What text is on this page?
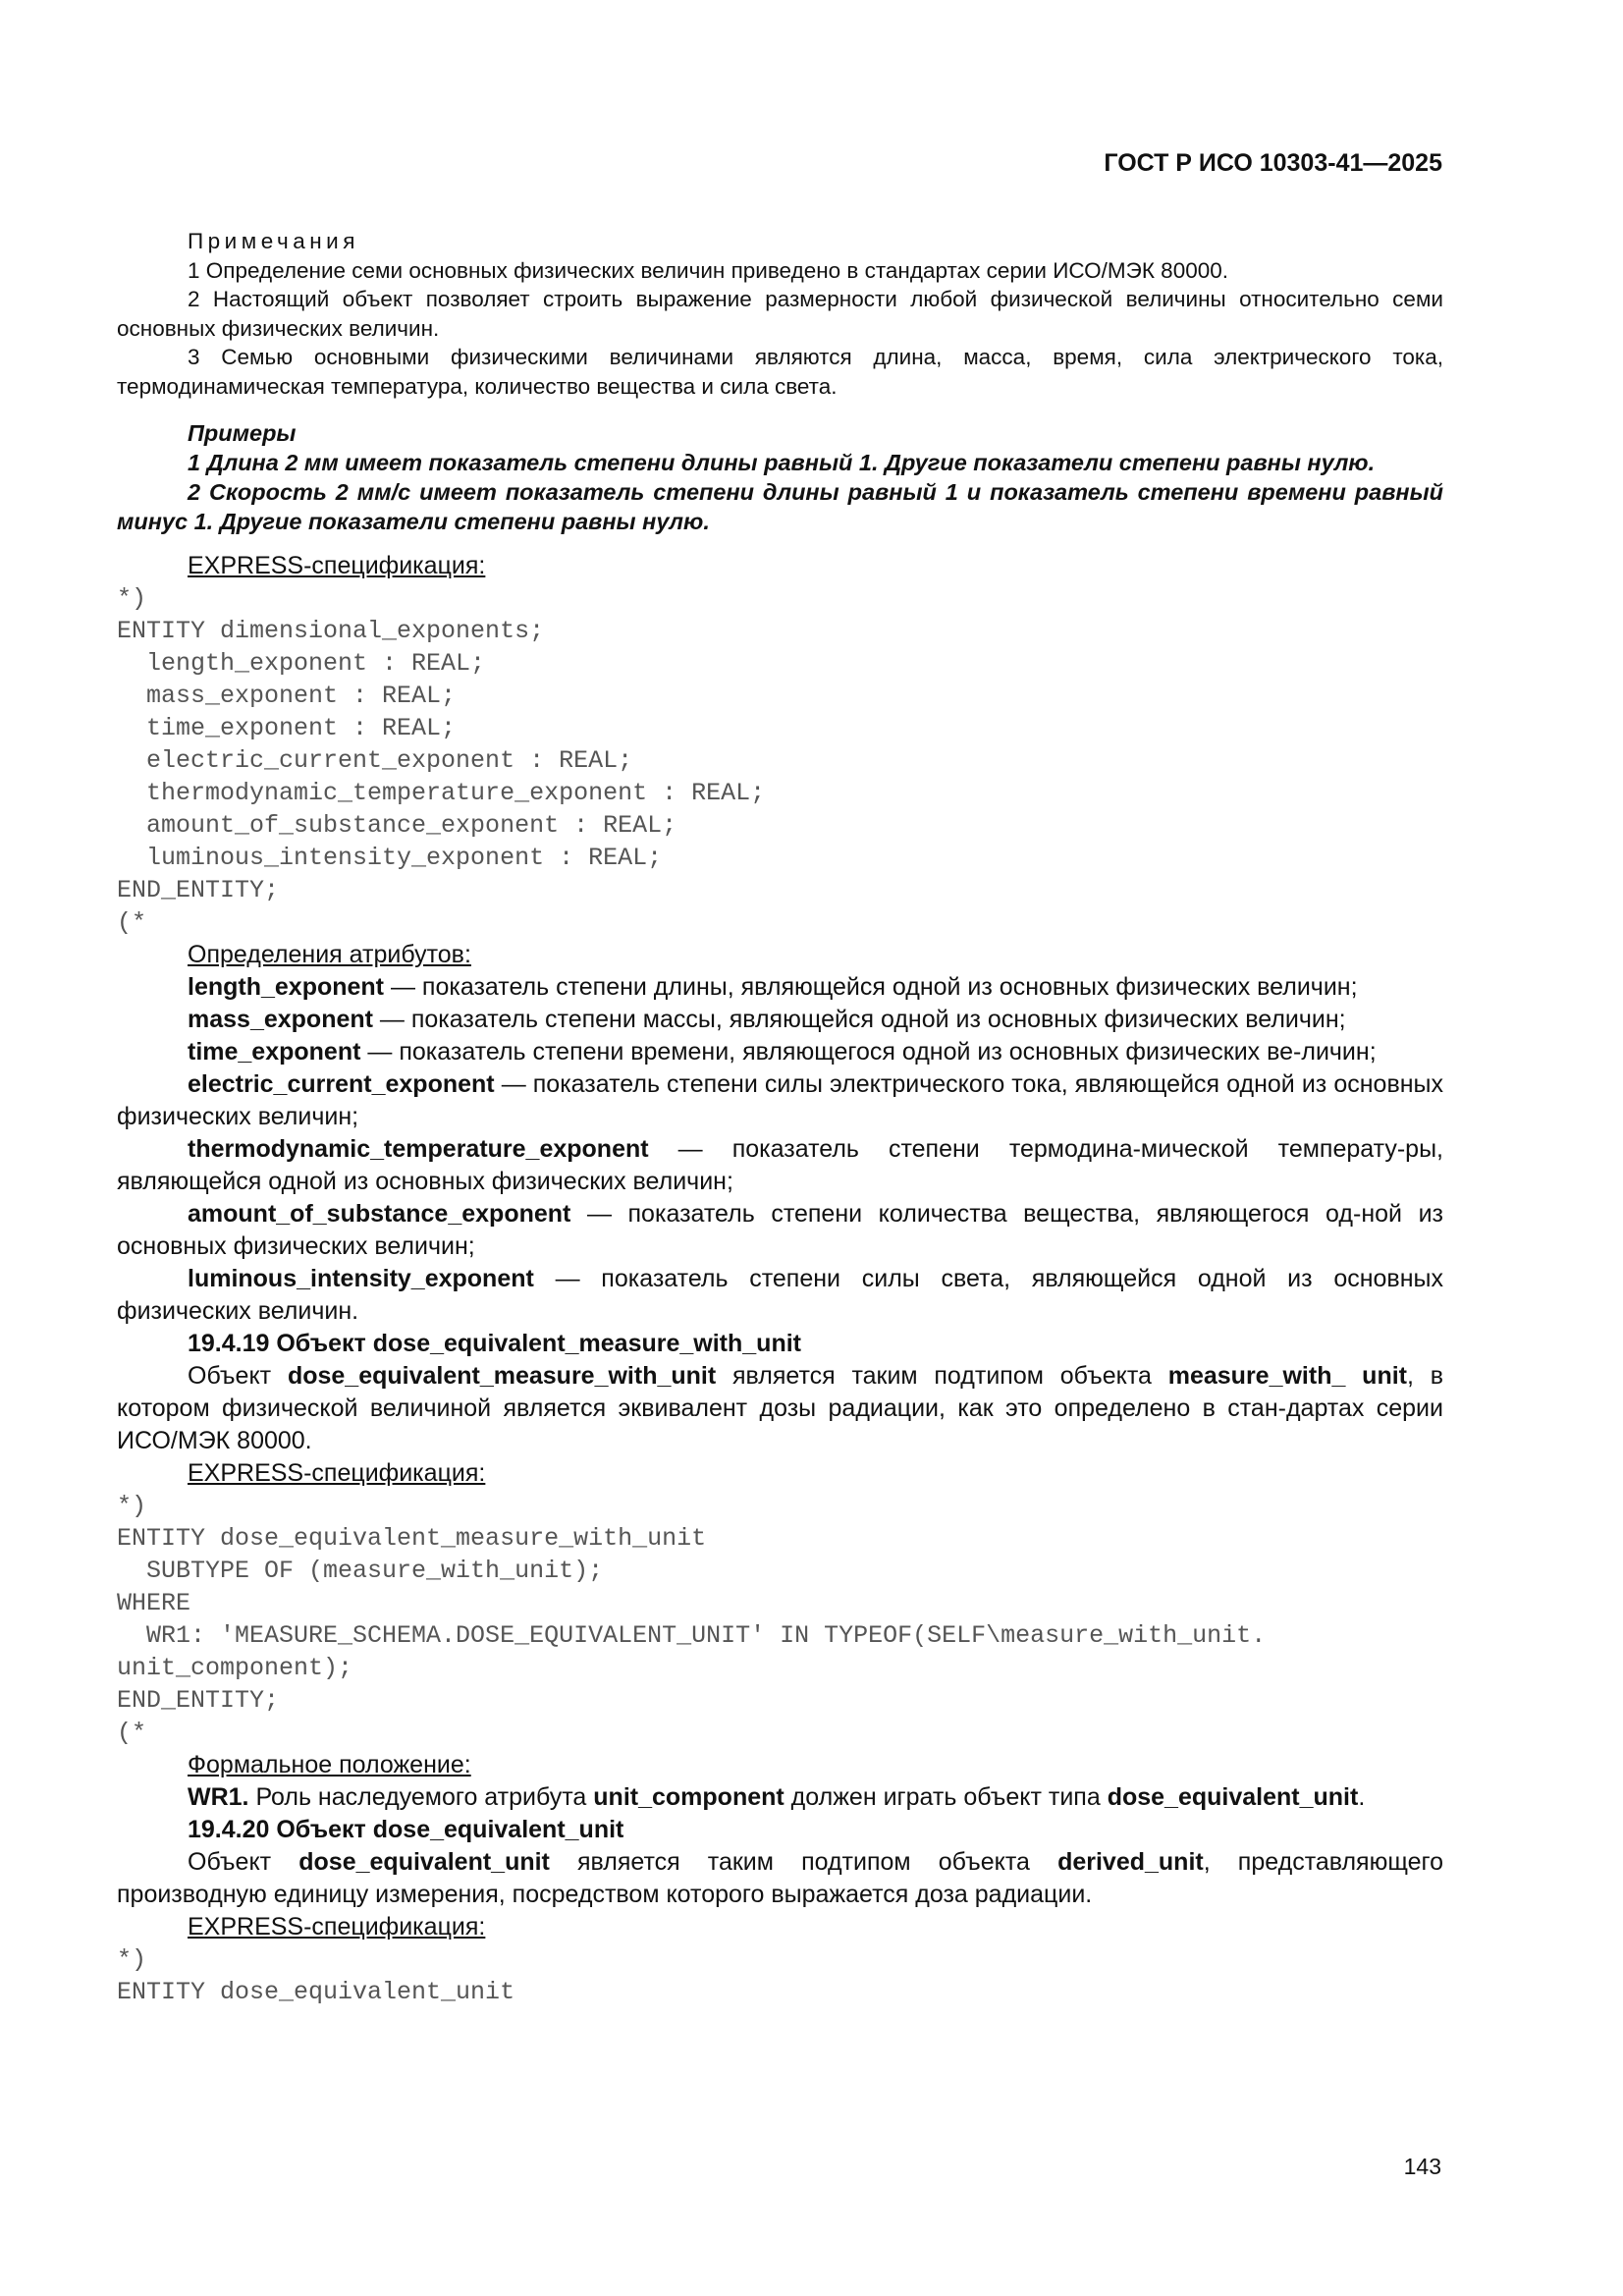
ГОСТ Р ИСО 10303-41—2025

Примечания

1 Определение семи основных физических величин приведено в стандартах серии ИСО/МЭК 80000.

2 Настоящий объект позволяет строить выражение размерности любой физической величины относительно семи основных физических величин.

3 Семью основными физическими величинами являются длина, масса, время, сила электрического тока, термодинамическая температура, количество вещества и сила света.

Примеры

1 Длина 2 мм имеет показатель степени длины равный 1. Другие показатели степени равны нулю.

2 Скорость 2 мм/с имеет показатель степени длины равный 1 и показатель степени времени равный минус 1. Другие показатели степени равны нулю.

EXPRESS-спецификация:

*)
ENTITY dimensional_exponents;
length_exponent : REAL;
mass_exponent : REAL;
time_exponent : REAL;
electric_current_exponent : REAL;
thermodynamic_temperature_exponent : REAL;
amount_of_substance_exponent : REAL;
luminous_intensity_exponent : REAL;
END_ENTITY;
(*

Определения атрибутов:

length_exponent — показатель степени длины, являющейся одной из основных физических величин;

mass_exponent — показатель степени массы, являющейся одной из основных физических величин;

time_exponent — показатель степени времени, являющегося одной из основных физических ве-личин;

electric_current_exponent — показатель степени силы электрического тока, являющейся одной из основных физических величин;

thermodynamic_temperature_exponent — показатель степени термодина-мической температу-ры, являющейся одной из основных физических величин;

amount_of_substance_exponent — показатель степени количества вещества, являющегося од-ной из основных физических величин;

luminous_intensity_exponent — показатель степени силы света, являющейся одной из основных физических величин.

19.4.19 Объект dose_equivalent_measure_with_unit

Объект dose_equivalent_measure_with_unit является таким подтипом объекта measure_with_ unit, в котором физической величиной является эквивалент дозы радиации, как это определено в стан-дартах серии ИСО/МЭК 80000.

EXPRESS-спецификация:

*)
ENTITY dose_equivalent_measure_with_unit
SUBTYPE OF (measure_with_unit);
WHERE
WR1: 'MEASURE_SCHEMA.DOSE_EQUIVALENT_UNIT' IN TYPEOF(SELF\measure_with_unit.
unit_component);
END_ENTITY;
(*

Формальное положение:

WR1. Роль наследуемого атрибута unit_component должен играть объект типа dose_equivalent_unit.

19.4.20 Объект dose_equivalent_unit

Объект dose_equivalent_unit является таким подтипом объекта derived_unit, представляющего производную единицу измерения, посредством которого выражается доза радиации.

EXPRESS-спецификация:

*)
ENTITY dose_equivalent_unit
143
